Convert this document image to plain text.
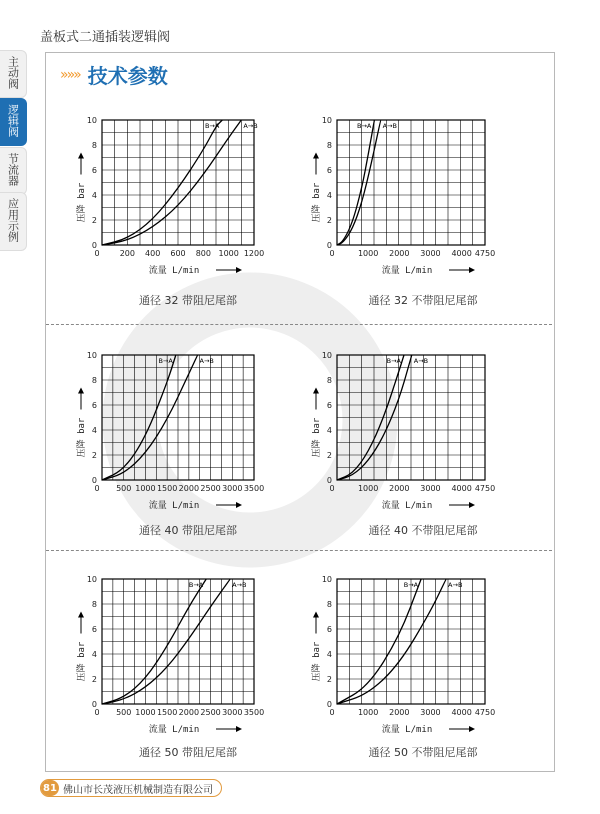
盖板式二通插装逻辑阀
主动阀
逻辑阀
节流器
应用示例
»»» 技术参数
0
2
4
6
8
10
0	200 400 600 800 1000 1200
流量 L/min
压降 bar
B→A	A→B
通径 32 带阻尼尾部
0
2
4
6
8
10
0	1000 2000 3000 4000 4750
流量 L/min
压降 bar
B→A A→B
通径 32 不带阻尼尾部
0
2
4
6
8
10
0 500 1000 1500 2000 2500 3000 3500
流量 L/min
压降 bar
B→A	A→B
通径 40 带阻尼尾部
0
2
4
6
8
10
0	1000 2000 3000 4000 4750
流量 L/min
压降 bar
B→A A→B
通径 40 不带阻尼尾部
0
2
4
6
8
10
0 500 1000 1500 2000 2500 3000 3500
流量 L/min
压降 bar
B→A	A→B
通径 50 带阻尼尾部
0
2
4
6
8
10
0	1000 2000 3000 4000 4750
流量 L/min
压降 bar
B→A	A→B
通径 50 不带阻尼尾部
81 佛山市长茂液压机械制造有限公司
